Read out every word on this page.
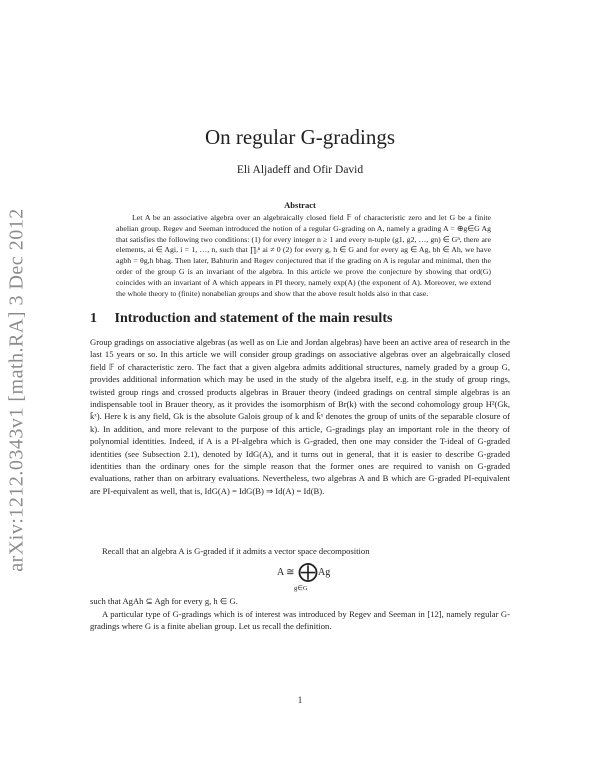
arXiv:1212.0343v1 [math.RA] 3 Dec 2012
On regular G-gradings
Eli Aljadeff and Ofir David
Abstract

Let A be an associative algebra over an algebraically closed field 𝔽 of characteristic zero and let G be a finite abelian group. Regev and Seeman introduced the notion of a regular G-grading on A, namely a grading A = ⊕g∈G Ag that satisfies the following two conditions: (1) for every integer n ≥ 1 and every n-tuple (g1, g2, …, gn) ∈ Gⁿ, there are elements, ai ∈ Agi, i = 1, …, n, such that ∏ᵢⁿ ai ≠ 0 (2) for every g, h ∈ G and for every ag ∈ Ag, bh ∈ Ah, we have agbh = θg,h bhag. Then later, Bahturin and Regev conjectured that if the grading on A is regular and minimal, then the order of the group G is an invariant of the algebra. In this article we prove the conjecture by showing that ord(G) coincides with an invariant of A which appears in PI theory, namely exp(A) (the exponent of A). Moreover, we extend the whole theory to (finite) nonabelian groups and show that the above result holds also in that case.

1 Introduction and statement of the main results

Group gradings on associative algebras (as well as on Lie and Jordan algebras) have been an active area of research in the last 15 years or so. In this article we will consider group gradings on associative algebras over an algebraically closed field 𝔽 of characteristic zero. The fact that a given algebra admits additional structures, namely graded by a group G, provides additional information which may be used in the study of the algebra itself, e.g. in the study of group rings, twisted group rings and crossed products algebras in Brauer theory (indeed gradings on central simple algebras is an indispensable tool in Brauer theory, as it provides the isomorphism of Br(k) with the second cohomology group H²(Gk, k̄ˣ). Here k is any field, Gk is the absolute Galois group of k and k̄ˣ denotes the group of units of the separable closure of k). In addition, and more relevant to the purpose of this article, G-gradings play an important role in the theory of polynomial identities. Indeed, if A is a PI-algebra which is G-graded, then one may consider the T-ideal of G-graded identities (see Subsection 2.1), denoted by IdG(A), and it turns out in general, that it is easier to describe G-graded identities than the ordinary ones for the simple reason that the former ones are required to vanish on G-graded evaluations, rather than on arbitrary evaluations. Nevertheless, two algebras A and B which are G-graded PI-equivalent are PI-equivalent as well, that is, IdG(A) = IdG(B) ⇒ Id(A) = Id(B).

Recall that an algebra A is G-graded if it admits a vector space decomposition

A ≅ ⨁ Ag
g∈G

such that AgAh ⊆ Agh for every g, h ∈ G.

A particular type of G-gradings which is of interest was introduced by Regev and Seeman in [12], namely regular G-gradings where G is a finite abelian group. Let us recall the definition.

1
